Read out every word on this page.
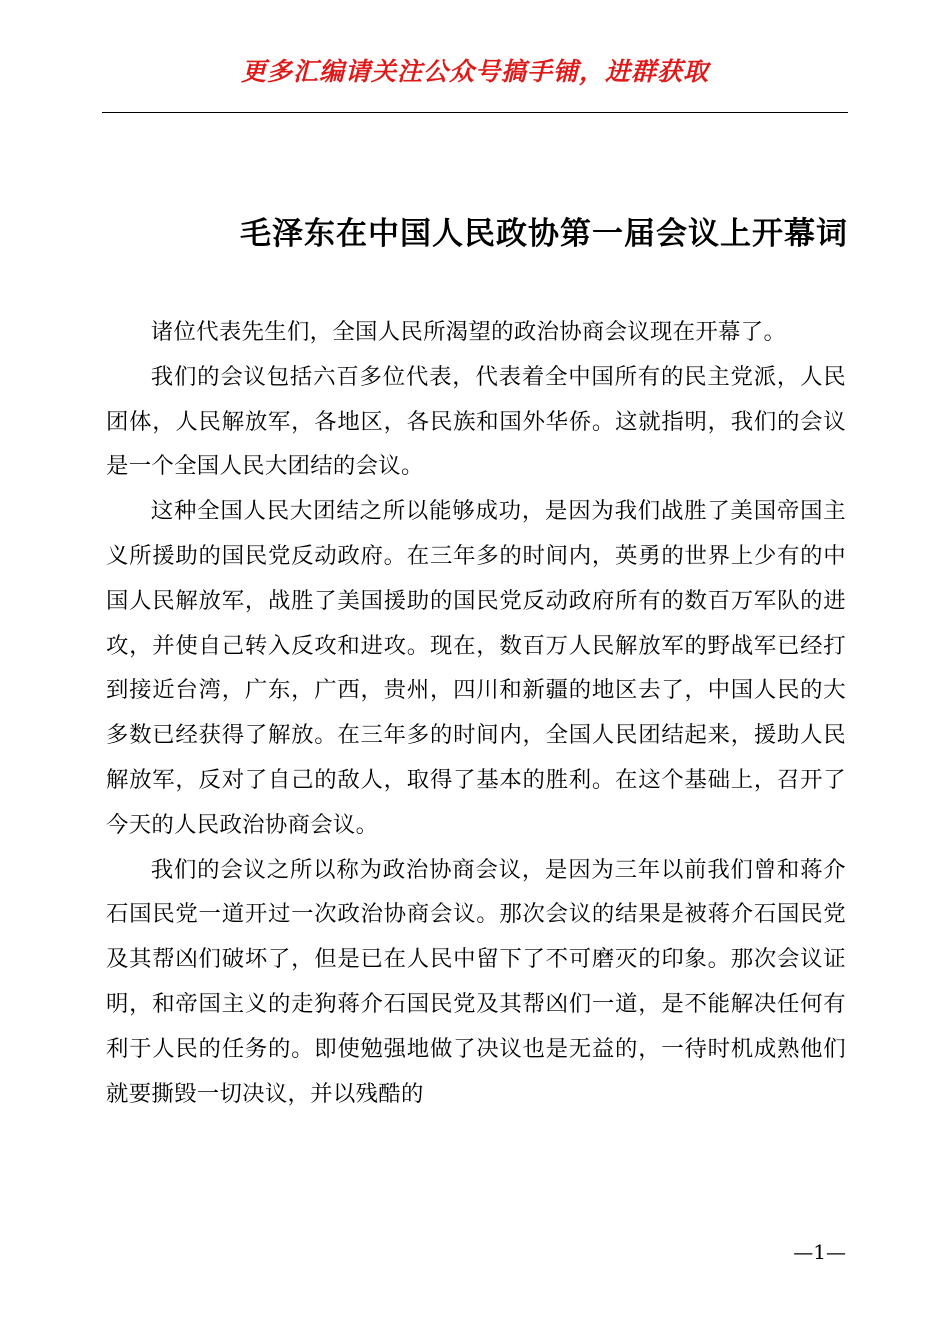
更多汇编请关注公众号搞手铺，进群获取
毛泽东在中国人民政协第一届会议上开幕词

诸位代表先生们，全国人民所渴望的政治协商会议现在开幕了。

我们的会议包括六百多位代表，代表着全中国所有的民主党派，人民团体，人民解放军，各地区，各民族和国外华侨。这就指明，我们的会议是一个全国人民大团结的会议。

这种全国人民大团结之所以能够成功，是因为我们战胜了美国帝国主义所援助的国民党反动政府。在三年多的时间内，英勇的世界上少有的中国人民解放军，战胜了美国援助的国民党反动政府所有的数百万军队的进攻，并使自己转入反攻和进攻。现在，数百万人民解放军的野战军已经打到接近台湾，广东，广西，贵州，四川和新疆的地区去了，中国人民的大多数已经获得了解放。在三年多的时间内，全国人民团结起来，援助人民解放军，反对了自己的敌人，取得了基本的胜利。在这个基础上，召开了今天的人民政治协商会议。

我们的会议之所以称为政治协商会议，是因为三年以前我们曾和蒋介石国民党一道开过一次政治协商会议。那次会议的结果是被蒋介石国民党及其帮凶们破坏了，但是已在人民中留下了不可磨灭的印象。那次会议证明，和帝国主义的走狗蒋介石国民党及其帮凶们一道，是不能解决任何有利于人民的任务的。即使勉强地做了决议也是无益的，一待时机成熟他们就要撕毁一切决议，并以残酷的

—1—
